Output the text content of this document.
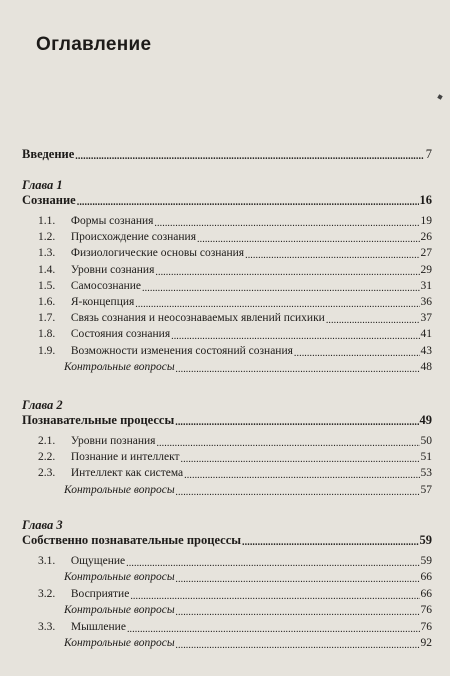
Оглавление
Введение . . .	7
Глава 1
Сознание . . .	16
1.1. Формы сознания . . .	19
1.2. Происхождение сознания . . .	26
1.3. Физиологические основы сознания . . .	27
1.4. Уровни сознания . . .	29
1.5. Самосознание . . .	31
1.6. Я-концепция . . .	36
1.7. Связь сознания и неосознаваемых явлений психики . . .	37
1.8. Состояния сознания . . .	41
1.9. Возможности изменения состояний сознания . . .	43
Контрольные вопросы . . .	48
Глава 2
Познавательные процессы . . .	49
2.1. Уровни познания . . .	50
2.2. Познание и интеллект . . .	51
2.3. Интеллект как система . . .	53
Контрольные вопросы . . .	57
Глава 3
Собственно познавательные процессы . . .	59
3.1. Ощущение . . .	59
Контрольные вопросы . . .	66
3.2. Восприятие . . .	66
Контрольные вопросы . . .	76
3.3. Мышление . . .	76
Контрольные вопросы . . .	92
